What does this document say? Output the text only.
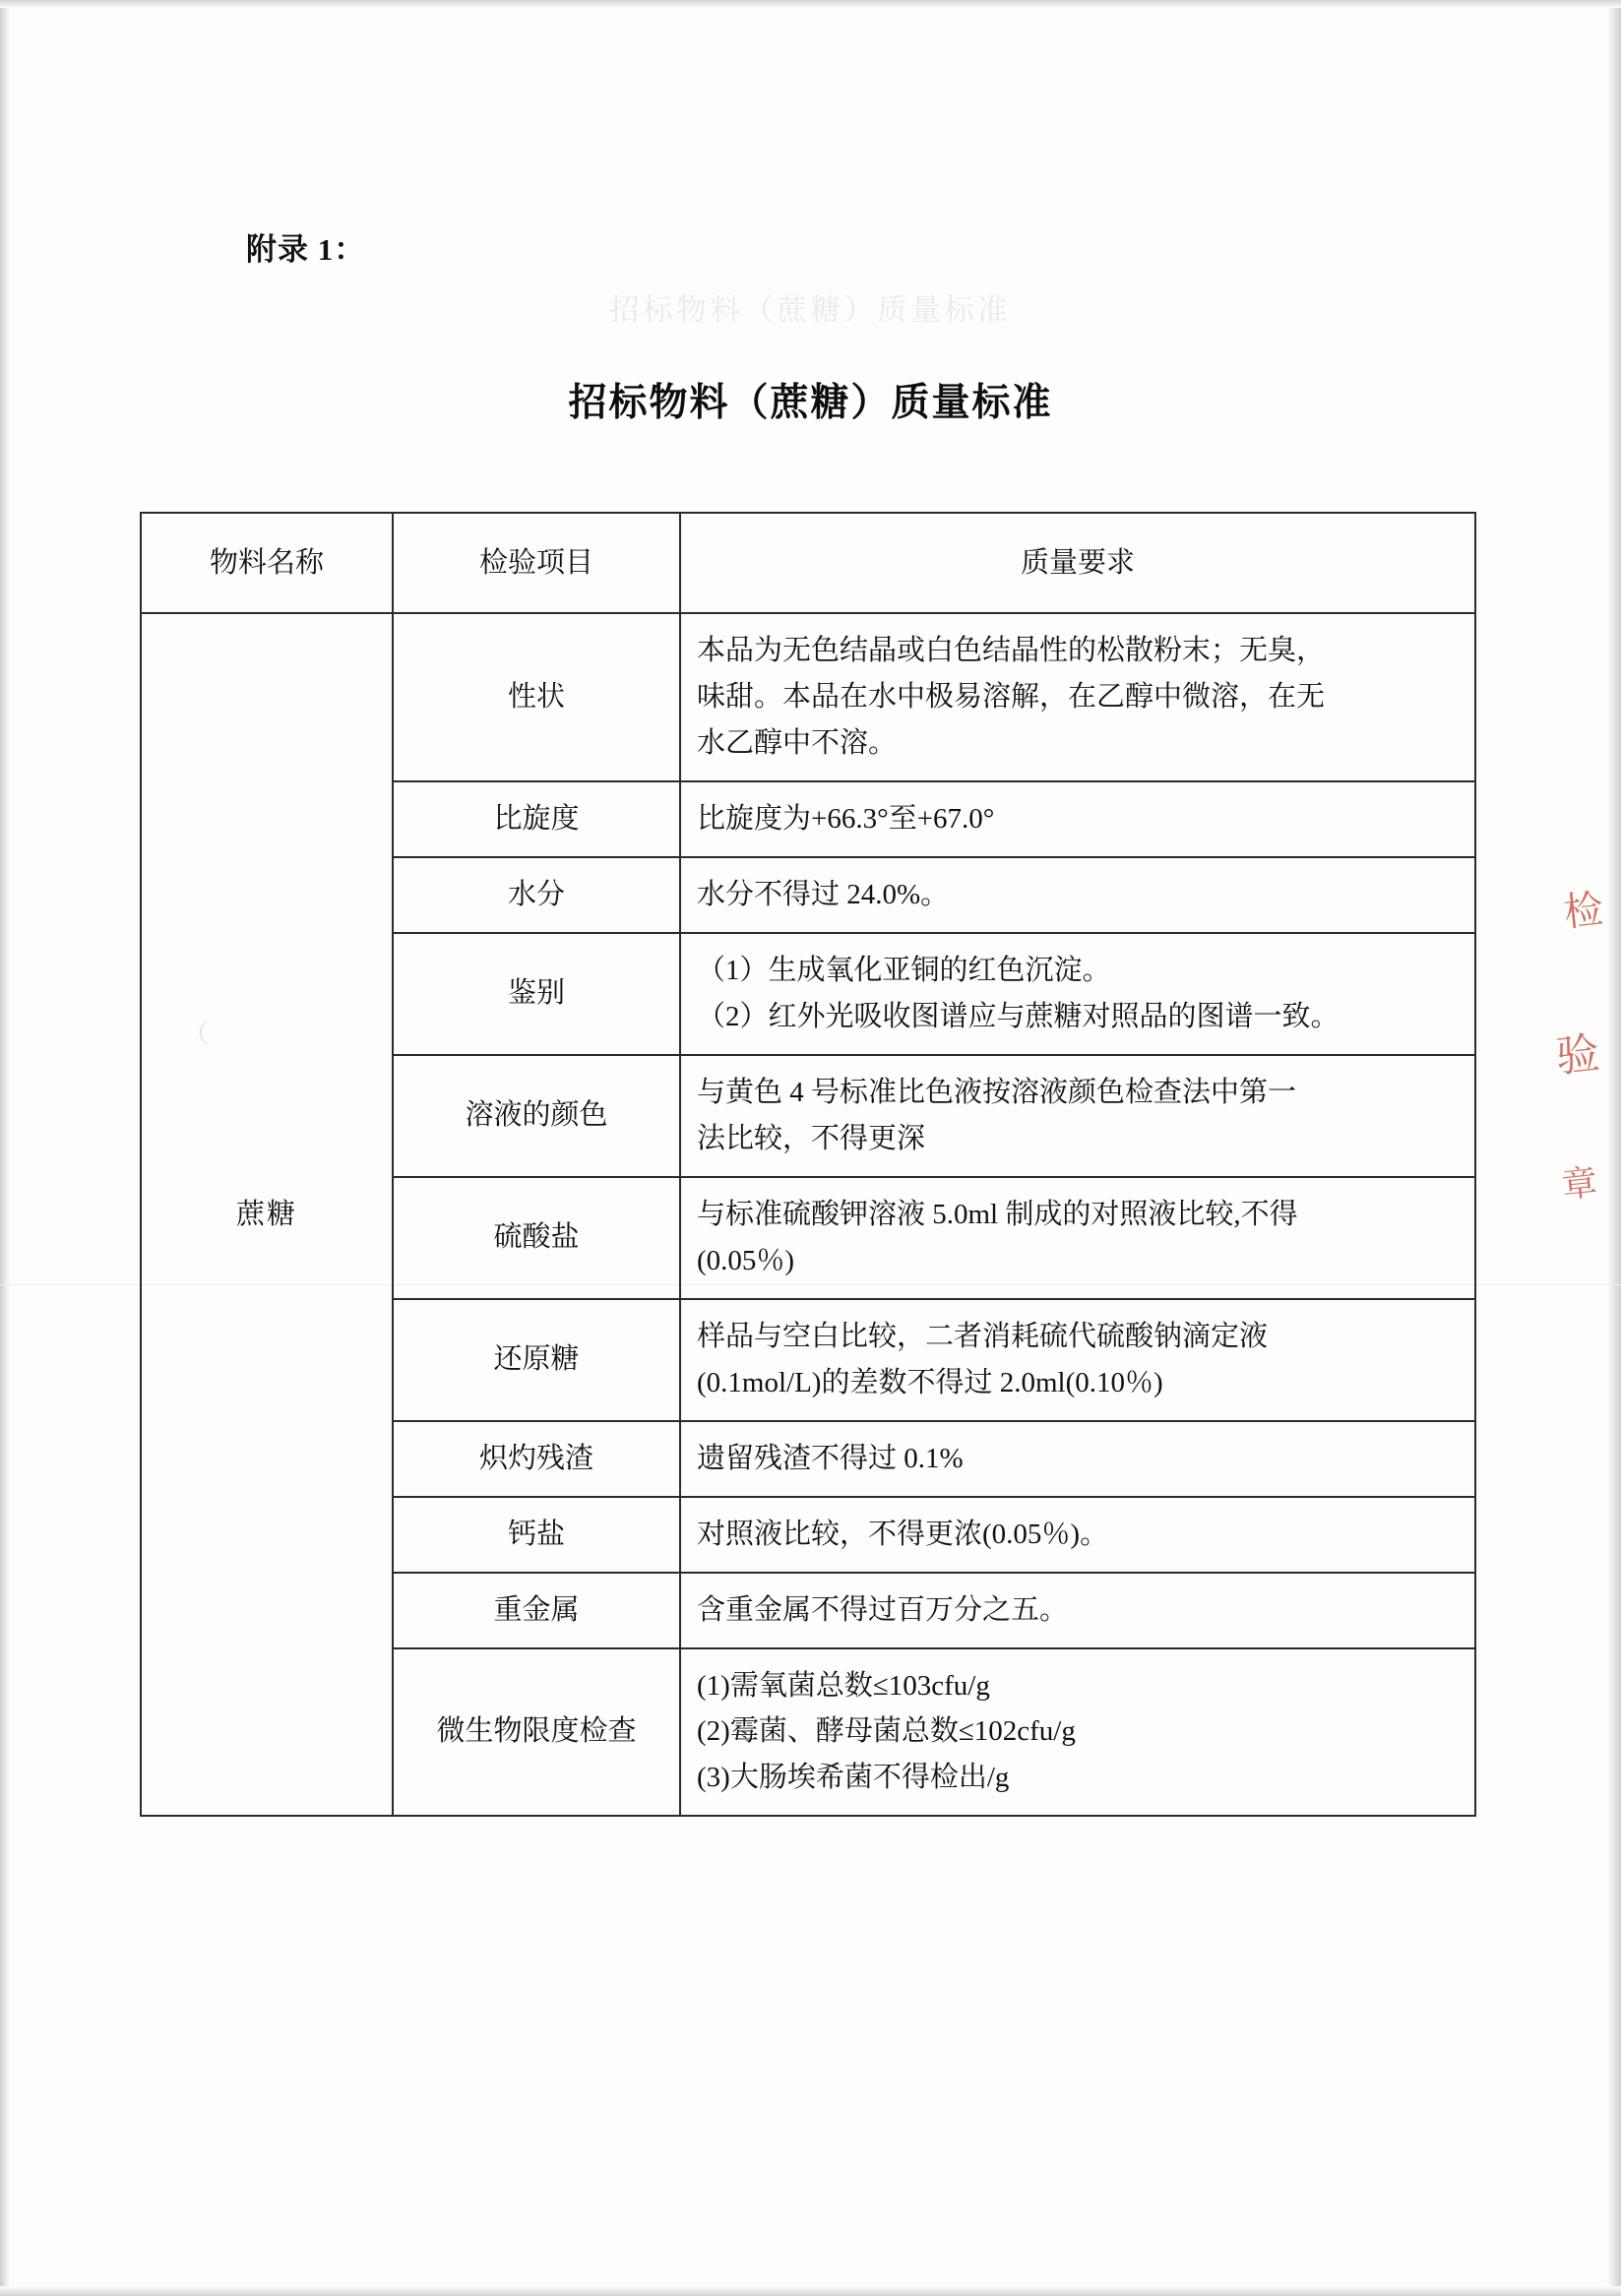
附录 1：
招标物料（蔗糖）质量标准
招标物料（蔗糖）质量标准
（
检
验
章
物料名称	检验项目	质量要求
蔗糖	性状	本品为无色结晶或白色结晶性的松散粉末；无臭，
味甜。本品在水中极易溶解，在乙醇中微溶，在无
水乙醇中不溶。

	比旋度	比旋度为+66.3°至+67.0°

	水分	水分不得过 24.0%。

	鉴别	（1）生成氧化亚铜的红色沉淀。
（2）红外光吸收图谱应与蔗糖对照品的图谱一致。

	溶液的颜色	与黄色 4 号标准比色液按溶液颜色检查法中第一
法比较，不得更深

	硫酸盐	与标准硫酸钾溶液 5.0ml 制成的对照液比较,不得
(0.05％)

	还原糖	样品与空白比较，二者消耗硫代硫酸钠滴定液
(0.1mol/L)的差数不得过 2.0ml(0.10％)

	炽灼残渣	遗留残渣不得过 0.1%

	钙盐	对照液比较，不得更浓(0.05％)。

	重金属	含重金属不得过百万分之五。

	微生物限度检查	(1)需氧菌总数≤103cfu/g
(2)霉菌、酵母菌总数≤102cfu/g
(3)大肠埃希菌不得检出/g
